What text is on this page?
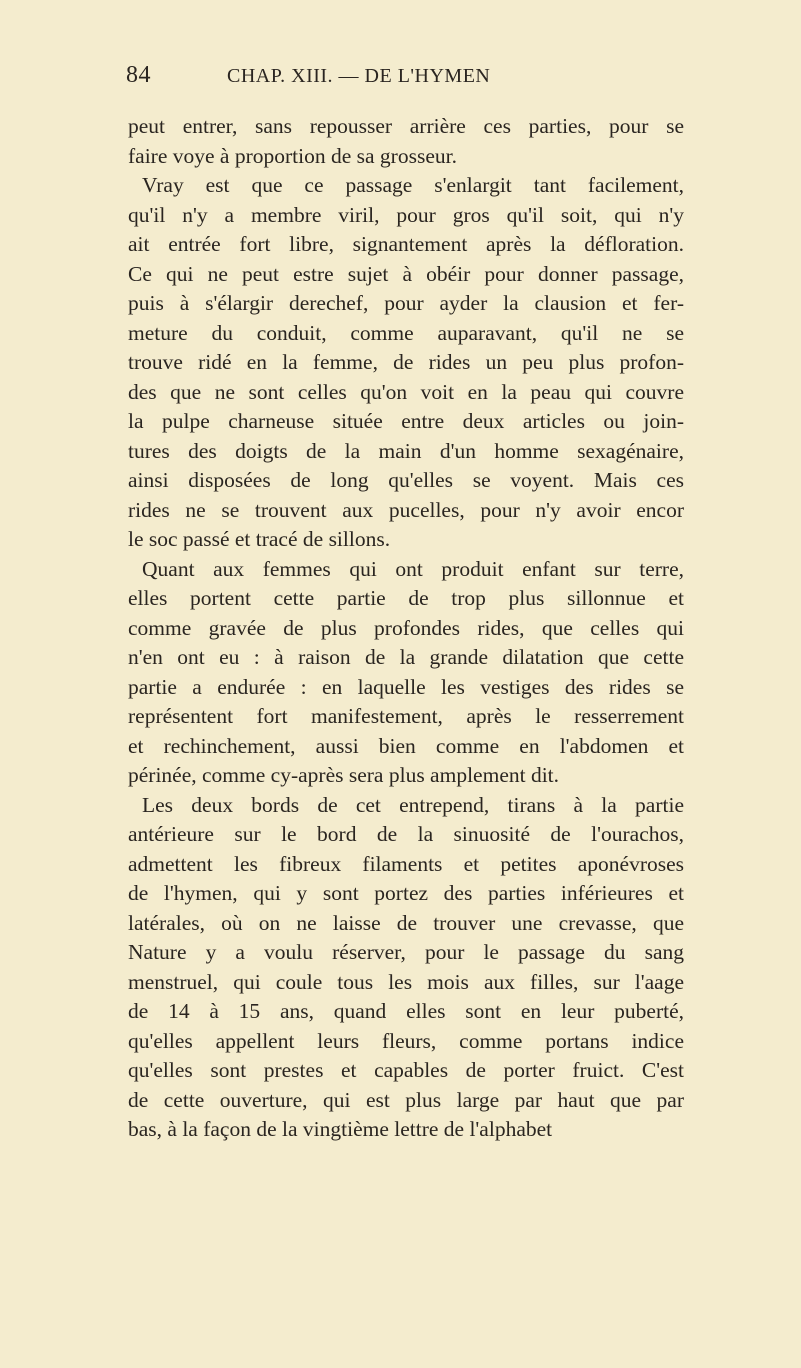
84	CHAP. XIII. — DE L'HYMEN
peut entrer, sans repousser arrière ces parties, pour se
faire voye à proportion de sa grosseur.
Vray est que ce passage s'enlargit tant facilement,
qu'il n'y a membre viril, pour gros qu'il soit, qui n'y
ait entrée fort libre, signantement après la défloration.
Ce qui ne peut estre sujet à obéir pour donner passage,
puis à s'élargir derechef, pour ayder la clausion et fer-
meture du conduit, comme auparavant, qu'il ne se
trouve ridé en la femme, de rides un peu plus profon-
des que ne sont celles qu'on voit en la peau qui couvre
la pulpe charneuse située entre deux articles ou join-
tures des doigts de la main d'un homme sexagénaire,
ainsi disposées de long qu'elles se voyent. Mais ces
rides ne se trouvent aux pucelles, pour n'y avoir encor
le soc passé et tracé de sillons.
Quant aux femmes qui ont produit enfant sur terre,
elles portent cette partie de trop plus sillonnue et
comme gravée de plus profondes rides, que celles qui
n'en ont eu : à raison de la grande dilatation que cette
partie a endurée : en laquelle les vestiges des rides se
représentent fort manifestement, après le resserrement
et rechinchement, aussi bien comme en l'abdomen et
périnée, comme cy-après sera plus amplement dit.
Les deux bords de cet entrepend, tirans à la partie
antérieure sur le bord de la sinuosité de l'ourachos,
admettent les fibreux filaments et petites aponévroses
de l'hymen, qui y sont portez des parties inférieures et
latérales, où on ne laisse de trouver une crevasse, que
Nature y a voulu réserver, pour le passage du sang
menstruel, qui coule tous les mois aux filles, sur l'aage
de 14 à 15 ans, quand elles sont en leur puberté,
qu'elles appellent leurs fleurs, comme portans indice
qu'elles sont prestes et capables de porter fruict. C'est
de cette ouverture, qui est plus large par haut que par
bas, à la façon de la vingtième lettre de l'alphabet
